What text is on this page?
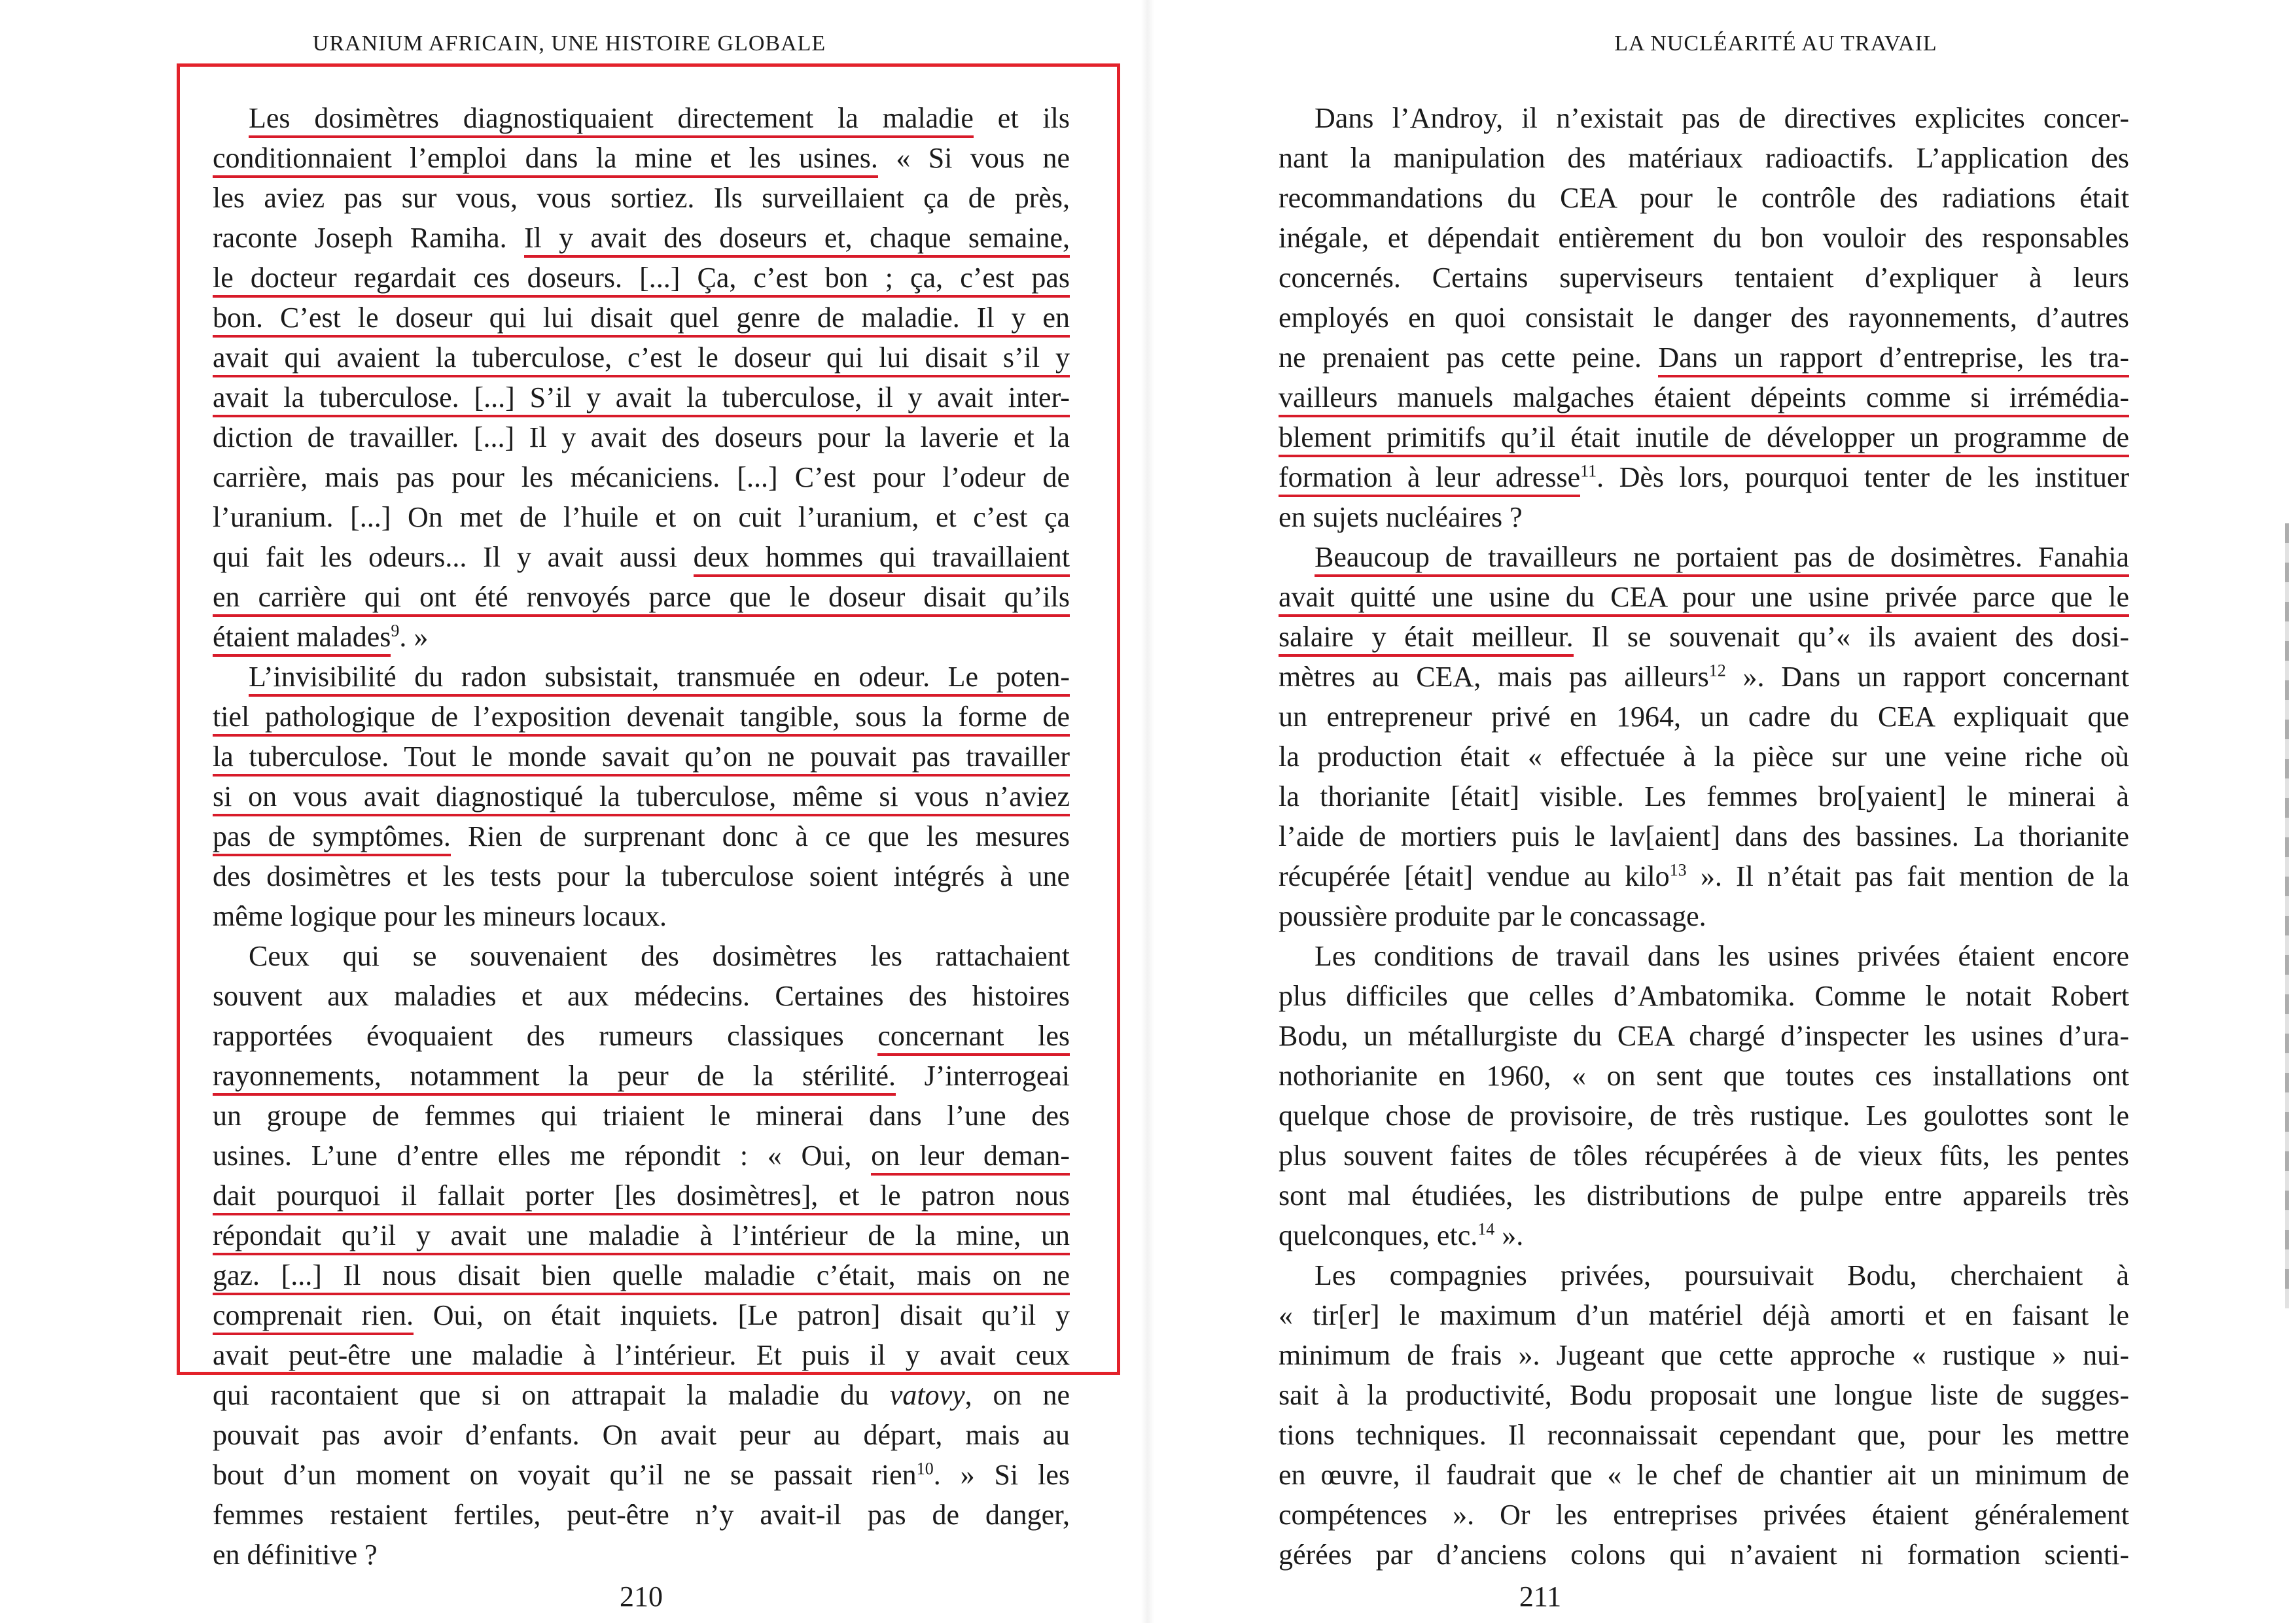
URANIUM AFRICAIN, UNE HISTOIRE GLOBALE
Les dosimètres diagnostiquaient directement la maladie et ils
conditionnaient l’emploi dans la mine et les usines. « Si vous ne
les aviez pas sur vous, vous sortiez. Ils surveillaient ça de près,
raconte Joseph Ramiha. Il y avait des doseurs et, chaque semaine,
le docteur regardait ces doseurs. [...] Ça, c’est bon ; ça, c’est pas
bon. C’est le doseur qui lui disait quel genre de maladie. Il y en
avait qui avaient la tuberculose, c’est le doseur qui lui disait s’il y
avait la tuberculose. [...] S’il y avait la tuberculose, il y avait inter-
diction de travailler. [...] Il y avait des doseurs pour la laverie et la
carrière, mais pas pour les mécaniciens. [...] C’est pour l’odeur de
l’uranium. [...] On met de l’huile et on cuit l’uranium, et c’est ça
qui fait les odeurs... Il y avait aussi deux hommes qui travaillaient
en carrière qui ont été renvoyés parce que le doseur disait qu’ils
étaient malades$^9$. »
L’invisibilité du radon subsistait, transmuée en odeur. Le poten-
tiel pathologique de l’exposition devenait tangible, sous la forme de
la tuberculose. Tout le monde savait qu’on ne pouvait pas travailler
si on vous avait diagnostiqué la tuberculose, même si vous n’aviez
pas de symptômes. Rien de surprenant donc à ce que les mesures
des dosimètres et les tests pour la tuberculose soient intégrés à une
même logique pour les mineurs locaux.
Ceux qui se souvenaient des dosimètres les rattachaient
souvent aux maladies et aux médecins. Certaines des histoires
rapportées évoquaient des rumeurs classiques concernant les
rayonnements, notamment la peur de la stérilité. J’interrogeai
un groupe de femmes qui triaient le minerai dans l’une des
usines. L’une d’entre elles me répondit : « Oui, on leur deman-
dait pourquoi il fallait porter [les dosimètres], et le patron nous
répondait qu’il y avait une maladie à l’intérieur de la mine, un
gaz. [...] Il nous disait bien quelle maladie c’était, mais on ne
comprenait rien. Oui, on était inquiets. [Le patron] disait qu’il y
avait peut-être une maladie à l’intérieur. Et puis il y avait ceux
qui racontaient que si on attrapait la maladie du vatovy, on ne
pouvait pas avoir d’enfants. On avait peur au départ, mais au
bout d’un moment on voyait qu’il ne se passait rien$^{10}$. » Si les
femmes restaient fertiles, peut-être n’y avait-il pas de danger,
en définitive ?
210
LA NUCLÉARITÉ AU TRAVAIL
Dans l’Androy, il n’existait pas de directives explicites concer-
nant la manipulation des matériaux radioactifs. L’application des
recommandations du CEA pour le contrôle des radiations était
inégale, et dépendait entièrement du bon vouloir des responsables
concernés. Certains superviseurs tentaient d’expliquer à leurs
employés en quoi consistait le danger des rayonnements, d’autres
ne prenaient pas cette peine. Dans un rapport d’entreprise, les tra-
vailleurs manuels malgaches étaient dépeints comme si irrémédia-
blement primitifs qu’il était inutile de développer un programme de
formation à leur adresse$^{11}$. Dès lors, pourquoi tenter de les instituer
en sujets nucléaires ?
Beaucoup de travailleurs ne portaient pas de dosimètres. Fanahia
avait quitté une usine du CEA pour une usine privée parce que le
salaire y était meilleur. Il se souvenait qu’« ils avaient des dosi-
mètres au CEA, mais pas ailleurs$^{12}$ ». Dans un rapport concernant
un entrepreneur privé en 1964, un cadre du CEA expliquait que
la production était « effectuée à la pièce sur une veine riche où
la thorianite [était] visible. Les femmes bro[yaient] le minerai à
l’aide de mortiers puis le lav[aient] dans des bassines. La thorianite
récupérée [était] vendue au kilo$^{13}$ ». Il n’était pas fait mention de la
poussière produite par le concassage.
Les conditions de travail dans les usines privées étaient encore
plus difficiles que celles d’Ambatomika. Comme le notait Robert
Bodu, un métallurgiste du CEA chargé d’inspecter les usines d’ura-
nothorianite en 1960, « on sent que toutes ces installations ont
quelque chose de provisoire, de très rustique. Les goulottes sont le
plus souvent faites de tôles récupérées à de vieux fûts, les pentes
sont mal étudiées, les distributions de pulpe entre appareils très
quelconques, etc.$^{14}$ ».
Les compagnies privées, poursuivait Bodu, cherchaient à
« tir[er] le maximum d’un matériel déjà amorti et en faisant le
minimum de frais ». Jugeant que cette approche « rustique » nui-
sait à la productivité, Bodu proposait une longue liste de sugges-
tions techniques. Il reconnaissait cependant que, pour les mettre
en œuvre, il faudrait que « le chef de chantier ait un minimum de
compétences ». Or les entreprises privées étaient généralement
gérées par d’anciens colons qui n’avaient ni formation scienti-
211
